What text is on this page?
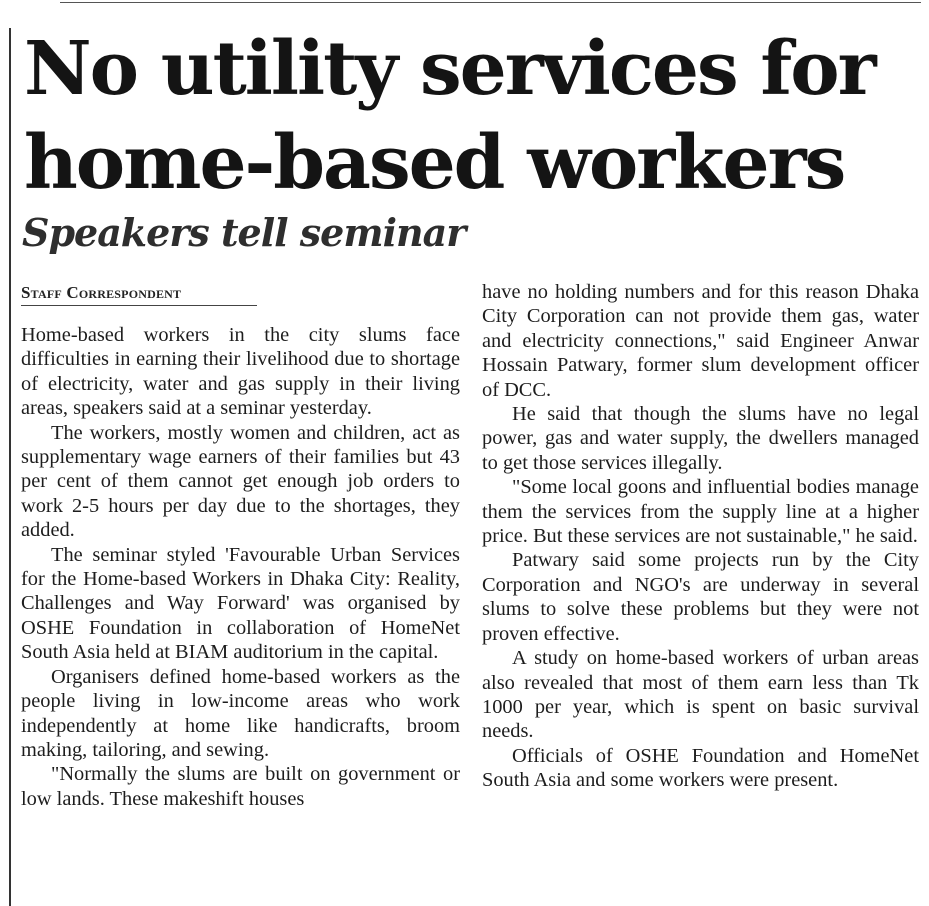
No utility services for home-based workers
Speakers tell seminar
Staff Correspondent

Home-based workers in the city slums face difficulties in earning their livelihood due to shortage of electricity, water and gas supply in their living areas, speakers said at a seminar yesterday.

The workers, mostly women and children, act as supplementary wage earners of their families but 43 per cent of them cannot get enough job orders to work 2-5 hours per day due to the shortages, they added.

The seminar styled 'Favourable Urban Services for the Home-based Workers in Dhaka City: Reality, Challenges and Way Forward' was organised by OSHE Foundation in collaboration of HomeNet South Asia held at BIAM auditorium in the capital.

Organisers defined home-based workers as the people living in low-income areas who work independently at home like handicrafts, broom making, tailoring, and sewing.

"Normally the slums are built on government or low lands. These makeshift houses

have no holding numbers and for this reason Dhaka City Corporation can not provide them gas, water and electricity connections," said Engineer Anwar Hossain Patwary, former slum development officer of DCC.

He said that though the slums have no legal power, gas and water supply, the dwellers managed to get those services illegally.

"Some local goons and influential bodies manage them the services from the supply line at a higher price. But these services are not sustainable," he said.

Patwary said some projects run by the City Corporation and NGO's are underway in several slums to solve these problems but they were not proven effective.

A study on home-based workers of urban areas also revealed that most of them earn less than Tk 1000 per year, which is spent on basic survival needs.

Officials of OSHE Foundation and HomeNet South Asia and some workers were present.
